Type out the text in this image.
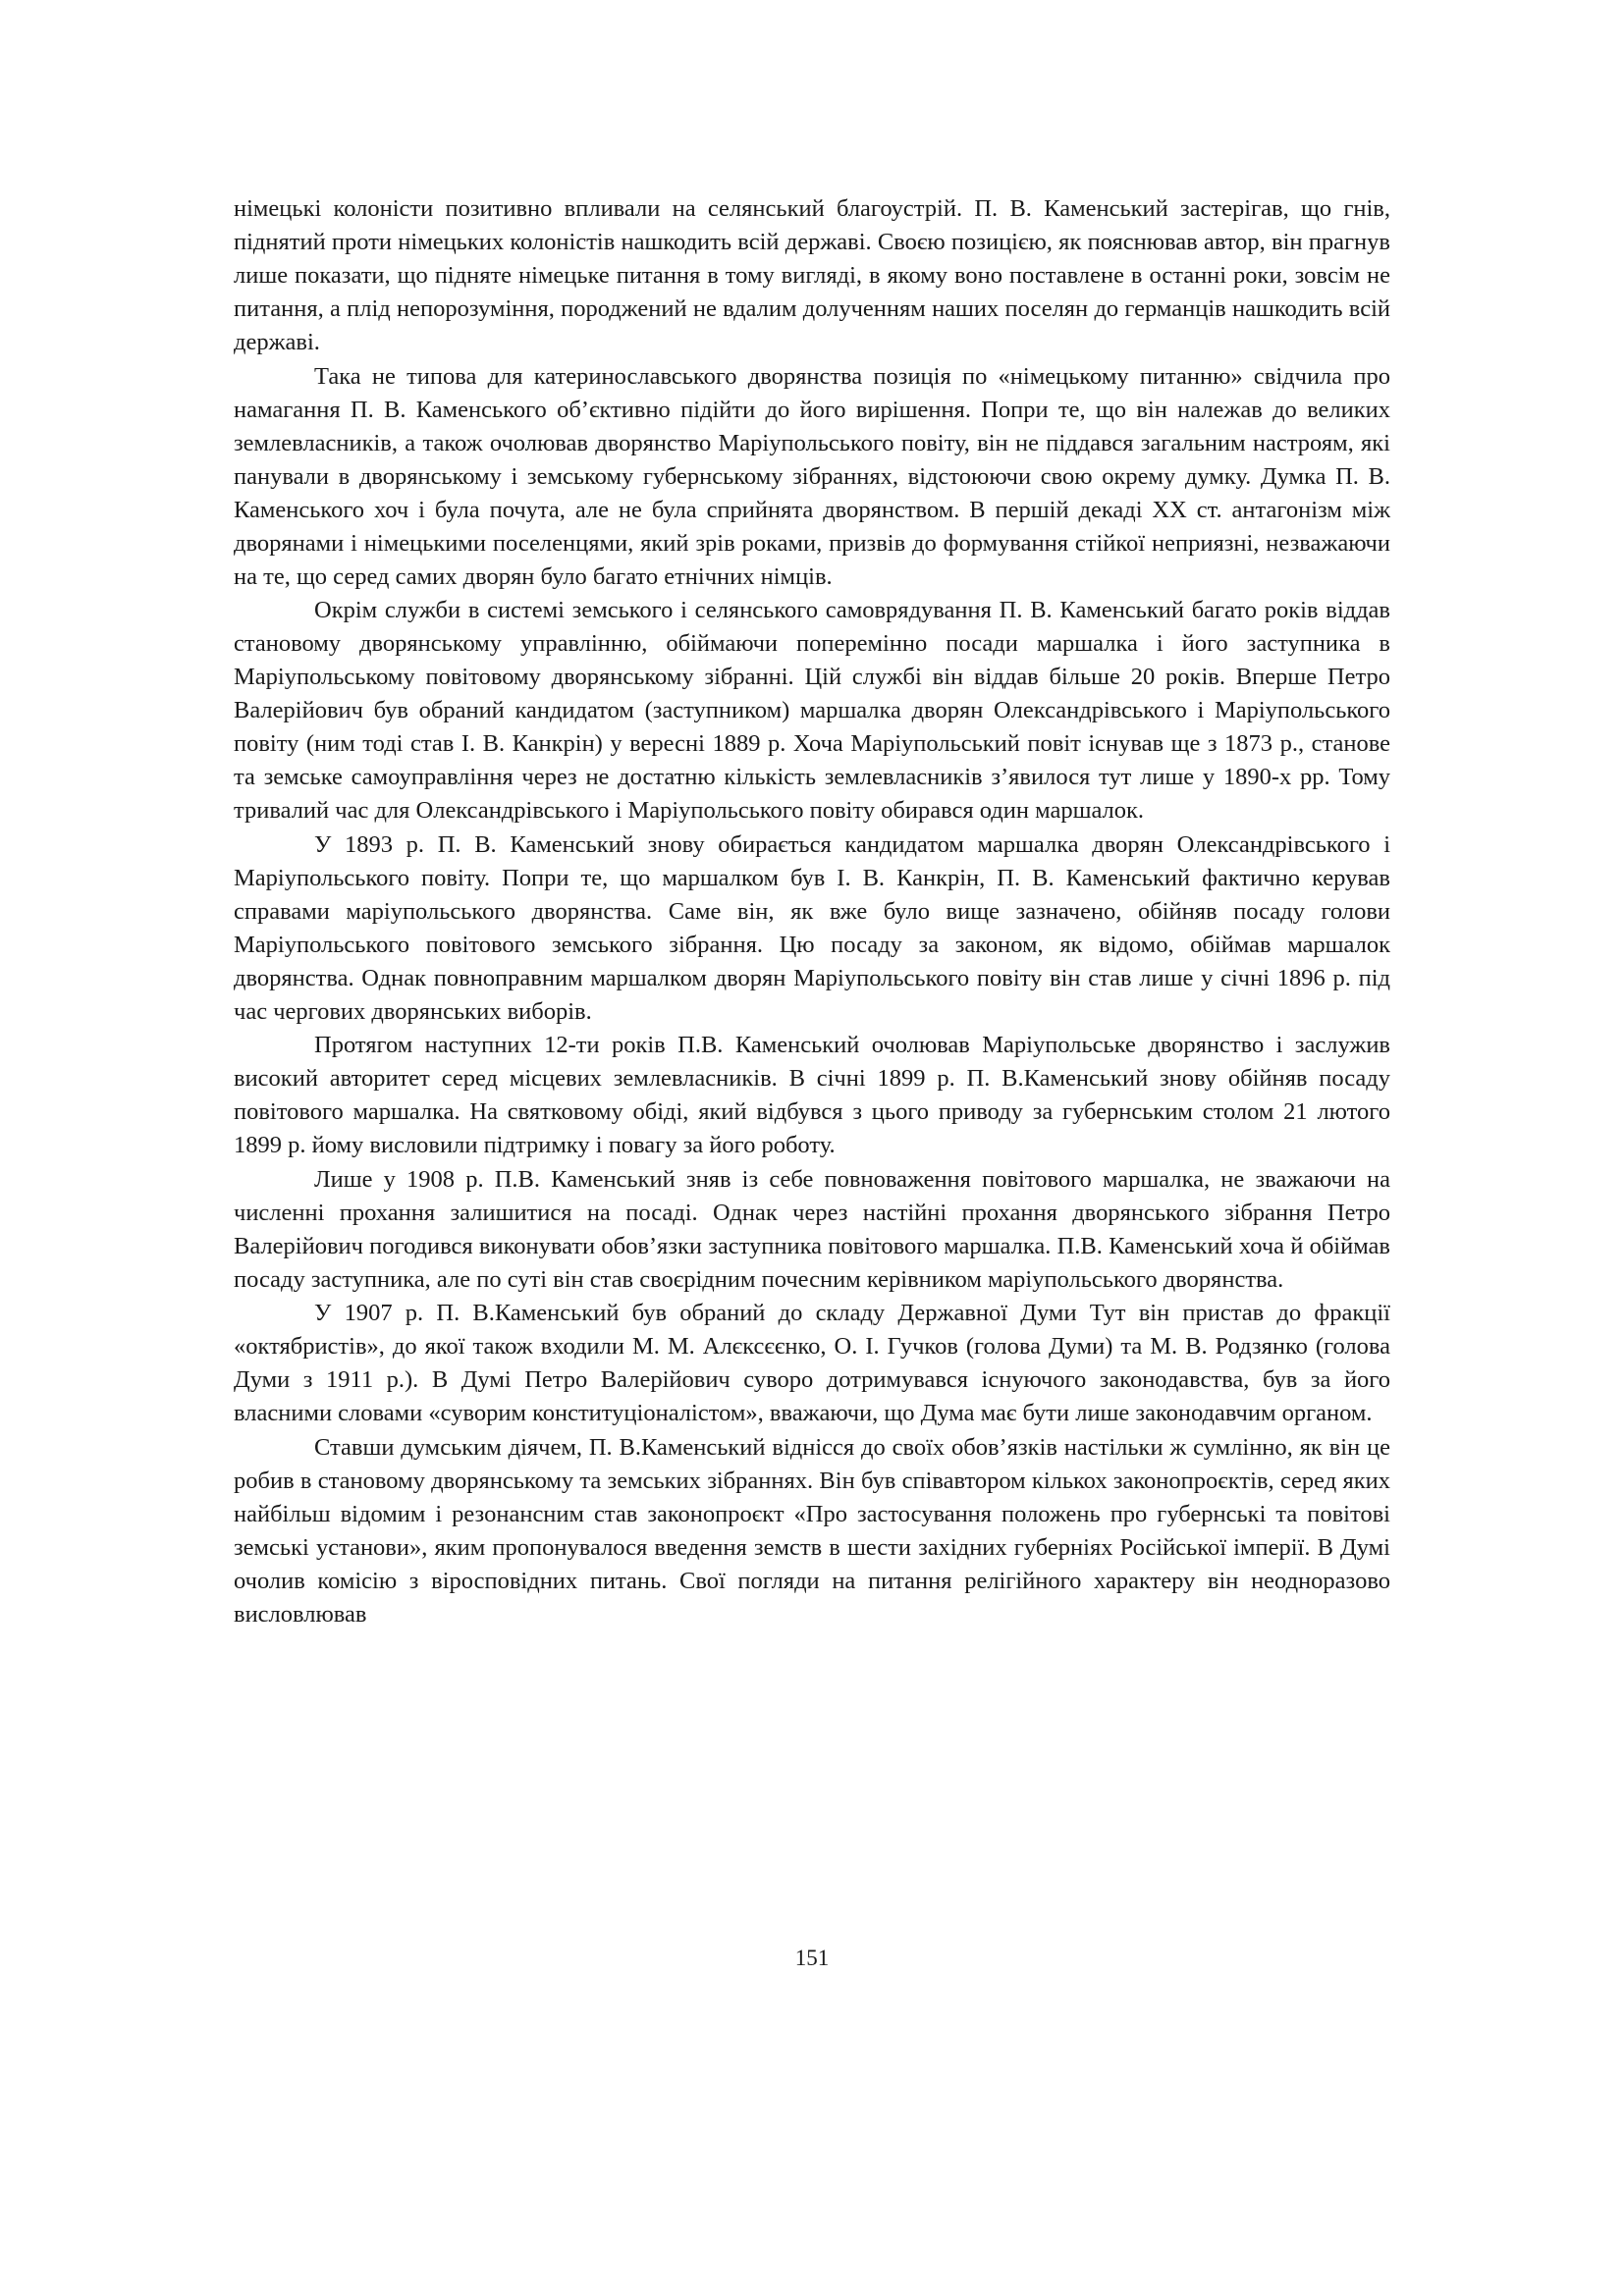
німецькі колоністи позитивно впливали на селянський благоустрій. П. В. Каменський застерігав, що гнів, піднятий проти німецьких колоністів нашкодить всій державі. Своєю позицією, як пояснював автор, він прагнув лише показати, що підняте німецьке питання в тому вигляді, в якому воно поставлене в останні роки, зовсім не питання, а плід непорозуміння, породжений не вдалим долученням наших поселян до германців нашкодить всій державі.

Така не типова для катеринославського дворянства позиція по «німецькому питанню» свідчила про намагання П. В. Каменського об’єктивно підійти до його вирішення. Попри те, що він належав до великих землевласників, а також очолював дворянство Маріупольського повіту, він не піддався загальним настроям, які панували в дворянському і земському губернському зібраннях, відстоюючи свою окрему думку. Думка П. В. Каменського хоч і була почута, але не була сприйнята дворянством. В першій декаді ХХ ст. антагонізм між дворянами і німецькими поселенцями, який зрів роками, призвів до формування стійкої неприязні, незважаючи на те, що серед самих дворян було багато етнічних німців.

Окрім служби в системі земського і селянського самоврядування П. В. Каменський багато років віддав становому дворянському управлінню, обіймаючи поперемінно посади маршалка і його заступника в Маріупольському повітовому дворянському зібранні. Цій службі він віддав більше 20 років. Вперше Петро Валерійович був обраний кандидатом (заступником) маршалка дворян Олександрівського і Маріупольського повіту (ним тоді став І. В. Канкрін) у вересні 1889 р. Хоча Маріупольський повіт існував ще з 1873 р., станове та земське самоуправління через не достатню кількість землевласників з’явилося тут лише у 1890-х рр. Тому тривалий час для Олександрівського і Маріупольського повіту обирався один маршалок.

У 1893 р. П. В. Каменський знову обирається кандидатом маршалка дворян Олександрівського і Маріупольського повіту. Попри те, що маршалком був І. В. Канкрін, П. В. Каменський фактично керував справами маріупольського дворянства. Саме він, як вже було вище зазначено, обійняв посаду голови Маріупольського повітового земського зібрання. Цю посаду за законом, як відомо, обіймав маршалок дворянства. Однак повноправним маршалком дворян Маріупольського повіту він став лише у січні 1896 р. під час чергових дворянських виборів.

Протягом наступних 12-ти років П.В. Каменський очолював Маріупольське дворянство і заслужив високий авторитет серед місцевих землевласників. В січні 1899 р. П. В.Каменський знову обійняв посаду повітового маршалка. На святковому обіді, який відбувся з цього приводу за губернським столом 21 лютого 1899 р. йому висловили підтримку і повагу за його роботу.

Лише у 1908 р. П.В. Каменський зняв із себе повноваження повітового маршалка, не зважаючи на численні прохання залишитися на посаді. Однак через настійні прохання дворянського зібрання Петро Валерійович погодився виконувати обов’язки заступника повітового маршалка. П.В. Каменський хоча й обіймав посаду заступника, але по суті він став своєрідним почесним керівником маріупольського дворянства.

У 1907 р. П. В.Каменський був обраний до складу Державної Думи Тут він пристав до фракції «октябристів», до якої також входили М. М. Алєксєєнко, О. І. Гучков (голова Думи) та М. В. Родзянко (голова Думи з 1911 р.). В Думі Петро Валерійович суворо дотримувався існуючого законодавства, був за його власними словами «суворим конституціоналістом», вважаючи, що Дума має бути лише законодавчим органом.

Ставши думським діячем, П. В.Каменський віднісся до своїх обов’язків настільки ж сумлінно, як він це робив в становому дворянському та земських зібраннях. Він був співавтором кількох законопроєктів, серед яких найбільш відомим і резонансним став законопроєкт «Про застосування положень про губернські та повітові земські установи», яким пропонувалося введення земств в шести західних губерніях Російської імперії. В Думі очолив комісію з віросповідних питань. Свої погляди на питання релігійного характеру він неодноразово висловлював

151
